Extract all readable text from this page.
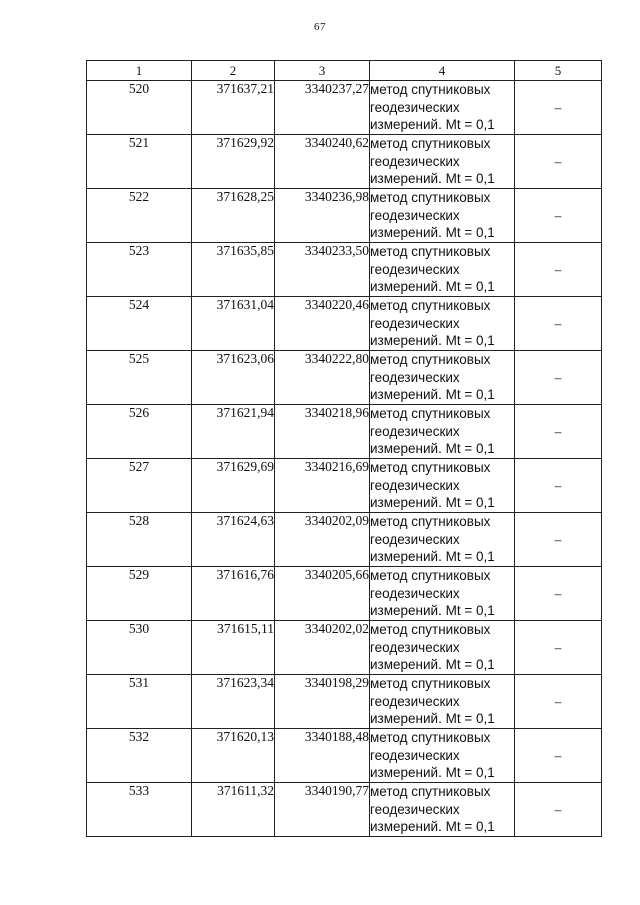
67
1	2	3	4	5
520	371637,21	3340237,27	метод спутниковых
геодезических
измерений. Mt = 0,1	–
521	371629,92	3340240,62	метод спутниковых
геодезических
измерений. Mt = 0,1	–
522	371628,25	3340236,98	метод спутниковых
геодезических
измерений. Mt = 0,1	–
523	371635,85	3340233,50	метод спутниковых
геодезических
измерений. Mt = 0,1	–
524	371631,04	3340220,46	метод спутниковых
геодезических
измерений. Mt = 0,1	–
525	371623,06	3340222,80	метод спутниковых
геодезических
измерений. Mt = 0,1	–
526	371621,94	3340218,96	метод спутниковых
геодезических
измерений. Mt = 0,1	–
527	371629,69	3340216,69	метод спутниковых
геодезических
измерений. Mt = 0,1	–
528	371624,63	3340202,09	метод спутниковых
геодезических
измерений. Mt = 0,1	–
529	371616,76	3340205,66	метод спутниковых
геодезических
измерений. Mt = 0,1	–
530	371615,11	3340202,02	метод спутниковых
геодезических
измерений. Mt = 0,1	–
531	371623,34	3340198,29	метод спутниковых
геодезических
измерений. Mt = 0,1	–
532	371620,13	3340188,48	метод спутниковых
геодезических
измерений. Mt = 0,1	–
533	371611,32	3340190,77	метод спутниковых
геодезических
измерений. Mt = 0,1	–
